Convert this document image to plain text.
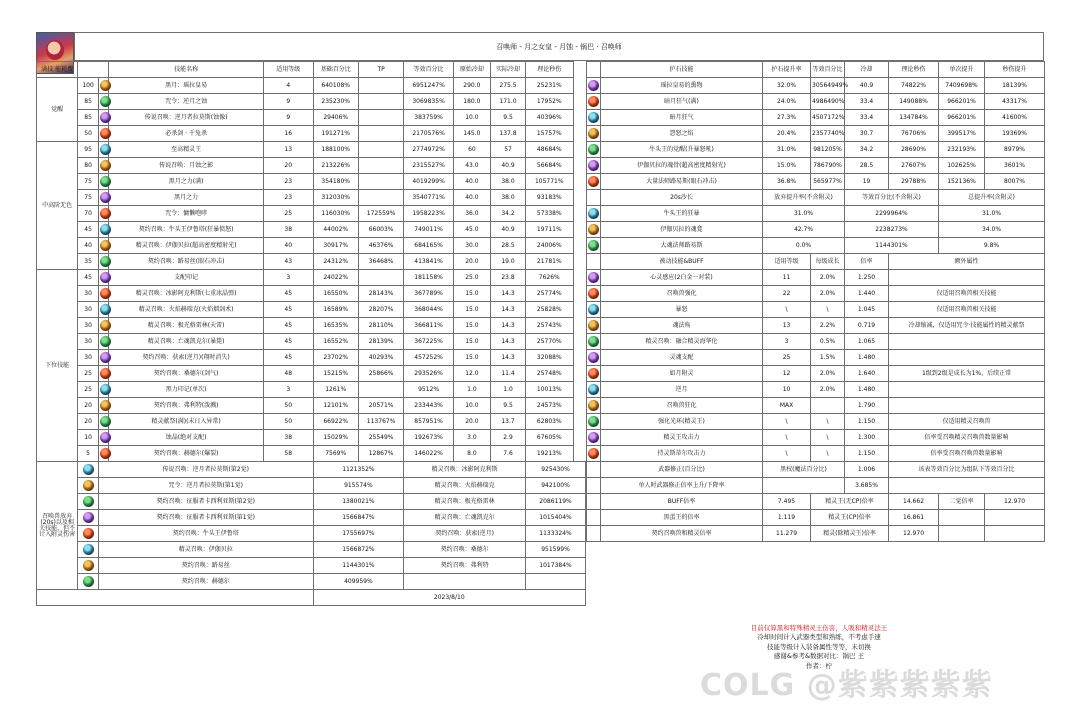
召唤师 - 月之女皇 - 月蚀 - 锅巴 · 召唤师
满技 能耗费			技能名称	适用等级	基础百分比	TP	等效百分比	原始冷却	实际冷却	理论秒伤
觉醒	100		黑月：瑶拉皇易	4	640108%		6951247%	290.0	275.5	25231%
	85		咒令：逆月之蚀	9	235230%		3069835%	180.0	171.0	17952%
	85		传说召唤：逆月者拉莫斯(蚀像)	9	29406%		383759%	10.0	9.5	40396%
	50		必杀剑 · 千兔杀	16	191271%		2170576%	145.0	137.8	15757%
中高阶无色	95		至高精灵王	13	188100%		2774972%	60	57	48684%
	80		传说召唤：月蚀之影	20	213226%		2315527%	43.0	40.9	56684%
	75		黑月之力(满)	23	354180%		4019299%	40.0	38.0	105771%
	75		黑月之力	23	312030%		3540771%	40.0	38.0	93183%
	70		咒令：慵懒咆哮	25	116030%	172559%	1958223%	36.0	34.2	57338%
	45		契约召唤：牛头王伊鲁塔(狂暴愤怒)	38	44002%	66003%	749011%	45.0	40.9	19711%
	40		精灵召唤：伊伽贝拉(超高密度精射光)	40	30917%	46376%	684165%	30.0	28.5	24006%
	35		契约召唤：路易丝(眼石冲击)	43	24312%	36468%	413841%	20.0	19.0	21781%
下位技能	45		支配印记	3	24022%		181158%	25.0	23.8	7626%
	30		精灵召唤：冰影阿克利斯(七重冰晶弹)	45	16550%	28143%	367789%	15.0	14.3	25774%
	30		精灵召唤：火焰赫瑞克(火焰烟剑术)	45	16589%	28207%	368044%	15.0	14.3	25828%
	30		精灵召唤：极光格雷林(天雷)	45	16535%	28110%	366811%	15.0	14.3	25743%
	30		精灵召唤：亡魂凯克尔(暴毙)	45	16552%	28139%	367225%	15.0	14.3	25770%
	30		契约召唤：获索(逆月)(翔时消失)	45	23702%	40293%	457252%	15.0	14.3	32088%
	25		契约召唤：桑德尔(剑气)	48	15215%	25866%	293526%	12.0	11.4	25748%
	25		黑力印记(单次)	3	1261%		9512%	1.0	1.0	10013%
	20		契约召唤：弗利特(泼溅)	50	12101%	20571%	233443%	10.0	9.5	24573%
	20		精灵献祭(满)(末日入异常)	50	66922%	113767%	857951%	20.0	13.7	62803%
	10		蚀晶(绝对支配)	38	15029%	25549%	192673%	3.0	2.9	67605%
	5		契约召唤：赫德尔(爆裂)	58	7569%	12867%	146022%	8.0	7.6	19213%
召唤兽放弃(20s)以及相关技能，但不计入附灵伤害		传说召唤：逆月者拉莫斯(第2觉)			1121352%		精灵召唤：冰影阿克利斯			925430%
		咒令：逆月者拉莫斯(第1觉)			915574%		精灵召唤：火焰赫瑞克			942100%
		契约召唤：征服者卡西利亚斯(第2觉)			1380021%		精灵召唤：极光格雷林			2086119%
		契约召唤：征服者卡西利亚斯(第1觉)			1566847%		精灵召唤：亡魂凯克尔			1015404%
		契约召唤：牛头王伊鲁塔			1755697%		契约召唤：获索(逆月)			1133324%
		精灵召唤：伊伽贝拉			1566872%		契约召唤：桑德尔			951599%
		契约召唤：路易丝			1144301%		契约召唤：弗利特			1017384%
		契约召唤：赫德尔			409959%					
					2023/8/10					
	护石技能	护石提升率	等效百分比	冷却	理论秒伤	单次提升	秒伤提升
	瑶拉皇易的熏物	32.0%	30564949%	40.9	74822%	7409698%	18139%
	暗月狂气(满)	24.0%	4986490%	33.4	149088%	966201%	43317%
	暗月狂气	27.3%	4507172%	33.4	134784%	966201%	41600%
	怨怒之焰	20.4%	2357740%	30.7	76706%	399517%	19369%
	牛头王的觉醒(升暴怒吼)	31.0%	981205%	34.2	28690%	232193%	8979%
	伊伽贝拉的魂骨(超高密度精射光)	15.0%	786790%	28.5	27607%	102625%	3601%
	大量法师路易斯(眼石冲击)	36.8%	565977%	19	29788%	152136%	8007%
	20s沙长	放弃提升率(不含附灵)		等效百分比(不含附灵)		总提升率(含附灵)	
	牛头王的狂暴	31.0%		2299964%		31.0%	
	伊伽贝拉的魂龛	42.7%		2238273%		34.0%	
	大魂法师路易斯	0.0%		1144301%		9.8%	
	被动技能&BUFF	适用等级	每级成长	倍率	额外属性		
	心灵感应(2白金一对装)	11	2.0%	1.250			
	召唤兽强化	22	2.0%	1.440	仅适用召唤兽相关技能		
	暴怒	\	\	1.045	仅适用召唤兽相关技能		
	魂法殇	13	2.2%	0.719	冷却缩减，仅适用咒令·技能属性的精灵献祭		
	精灵召唤：融合精灵海华伦	3	0.5%	1.065			
	灵魂支配	25	1.5%	1.480			
	如月附灵	12	2.0%	1.640	1级到2级是成长为1%，后续正常		
	逆月	10	2.0%	1.480			
	召唤兽狂化	MAX		1.790			
	强化光环(精灵王)	\	\	1.150	仅适用精灵召唤兽		
	精灵王攻击力	\	\	1.300	倍率受召唤精灵召唤兽数量影响		
	持灵斯蒂尔攻击力	\	\	1.150	倍率受召唤召唤兽数量影响		
	武器修正(百分比)	黑权(魔法百分比)		1.006	该表等效百分比为组队下等效百分比		
	单人时武器修正倍率上升/下降率			3.685%			
	BUFF倍率	7.495	精灵王(无CP)倍率		14.662	二觉倍率	12.970
	黑蛋王的倍率	1.119	精灵王(CP)倍率		16.861		
	契约召唤兽和精灵倍率	11.279	精灵(除精灵王)倍率		12.970		
目前仅算黑和特殊精灵王伤害，人吸和精灵法王
冷却时间计入武器类型和熟练，不考虑手速
技能等级计入装备属性等等，未切换
感谢&参考&数据对比：锅巴 王
作者：柠
COLG @紫紫紫紫紫
